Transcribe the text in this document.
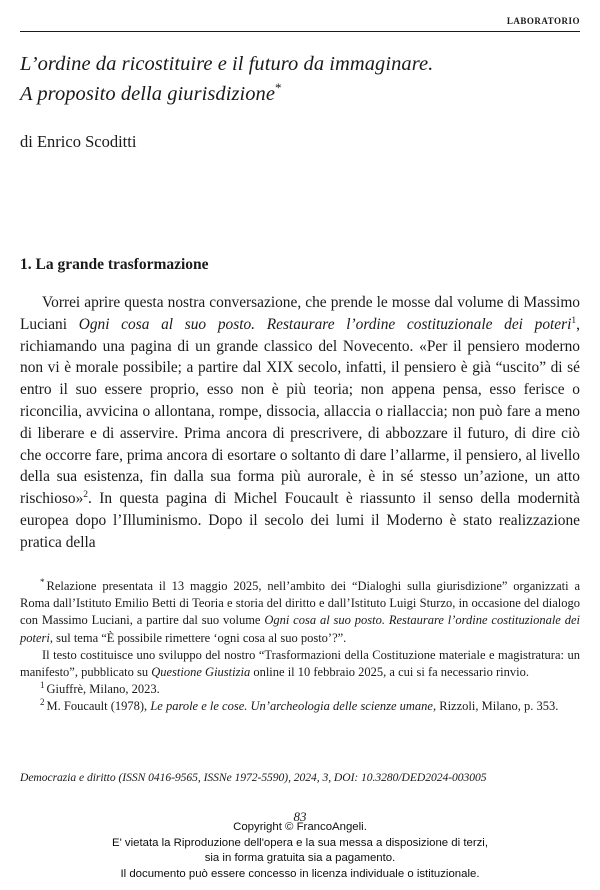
laboratorio
L’ordine da ricostituire e il futuro da immaginare.
A proposito della giurisdizione*
di Enrico Scoditti
1. La grande trasformazione

Vorrei aprire questa nostra conversazione, che prende le mosse dal volume di Massimo Luciani Ogni cosa al suo posto. Restaurare l’ordine costituzionale dei poteri$^1$, richiamando una pagina di un grande classico del Novecento. «Per il pensiero moderno non vi è morale possibile; a partire dal XIX secolo, infatti, il pensiero è già “uscito” di sé entro il suo essere proprio, esso non è più teoria; non appena pensa, esso ferisce o riconcilia, avvicina o allontana, rompe, dissocia, allaccia o riallaccia; non può fare a meno di liberare e di asservire. Prima ancora di prescrivere, di abbozzare il futuro, di dire ciò che occorre fare, prima ancora di esortare o soltanto di dare l’allarme, il pensiero, al livello della sua esistenza, fin dalla sua forma più aurorale, è in sé stesso un’azione, un atto rischioso»$^2$. In questa pagina di Michel Foucault è riassunto il senso della modernità europea dopo l’Illuminismo. Dopo il secolo dei lumi il Moderno è stato realizzazione pratica della

* Relazione presentata il 13 maggio 2025, nell’ambito dei “Dialoghi sulla giurisdizione” organizzati a Roma dall’Istituto Emilio Betti di Teoria e storia del diritto e dall’Istituto Luigi Sturzo, in occasione del dialogo con Massimo Luciani, a partire dal suo volume Ogni cosa al suo posto. Restaurare l’ordine costituzionale dei poteri, sul tema “È possibile rimettere ‘ogni cosa al suo posto’?”.

Il testo costituisce uno sviluppo del nostro “Trasformazioni della Costituzione materiale e magistratura: un manifesto”, pubblicato su Questione Giustizia online il 10 febbraio 2025, a cui si fa necessario rinvio.

$^1$ Giuffrè, Milano, 2023.

$^2$ M. Foucault (1978), Le parole e le cose. Un’archeologia delle scienze umane, Rizzoli, Milano, p. 353.

Democrazia e diritto (ISSN 0416-9565, ISSNe 1972-5590), 2024, 3, DOI: 10.3280/DED2024-003005
83
Copyright © FrancoAngeli.
E' vietata la Riproduzione dell'opera e la sua messa a disposizione di terzi,
sia in forma gratuita sia a pagamento.
Il documento può essere concesso in licenza individuale o istituzionale.
